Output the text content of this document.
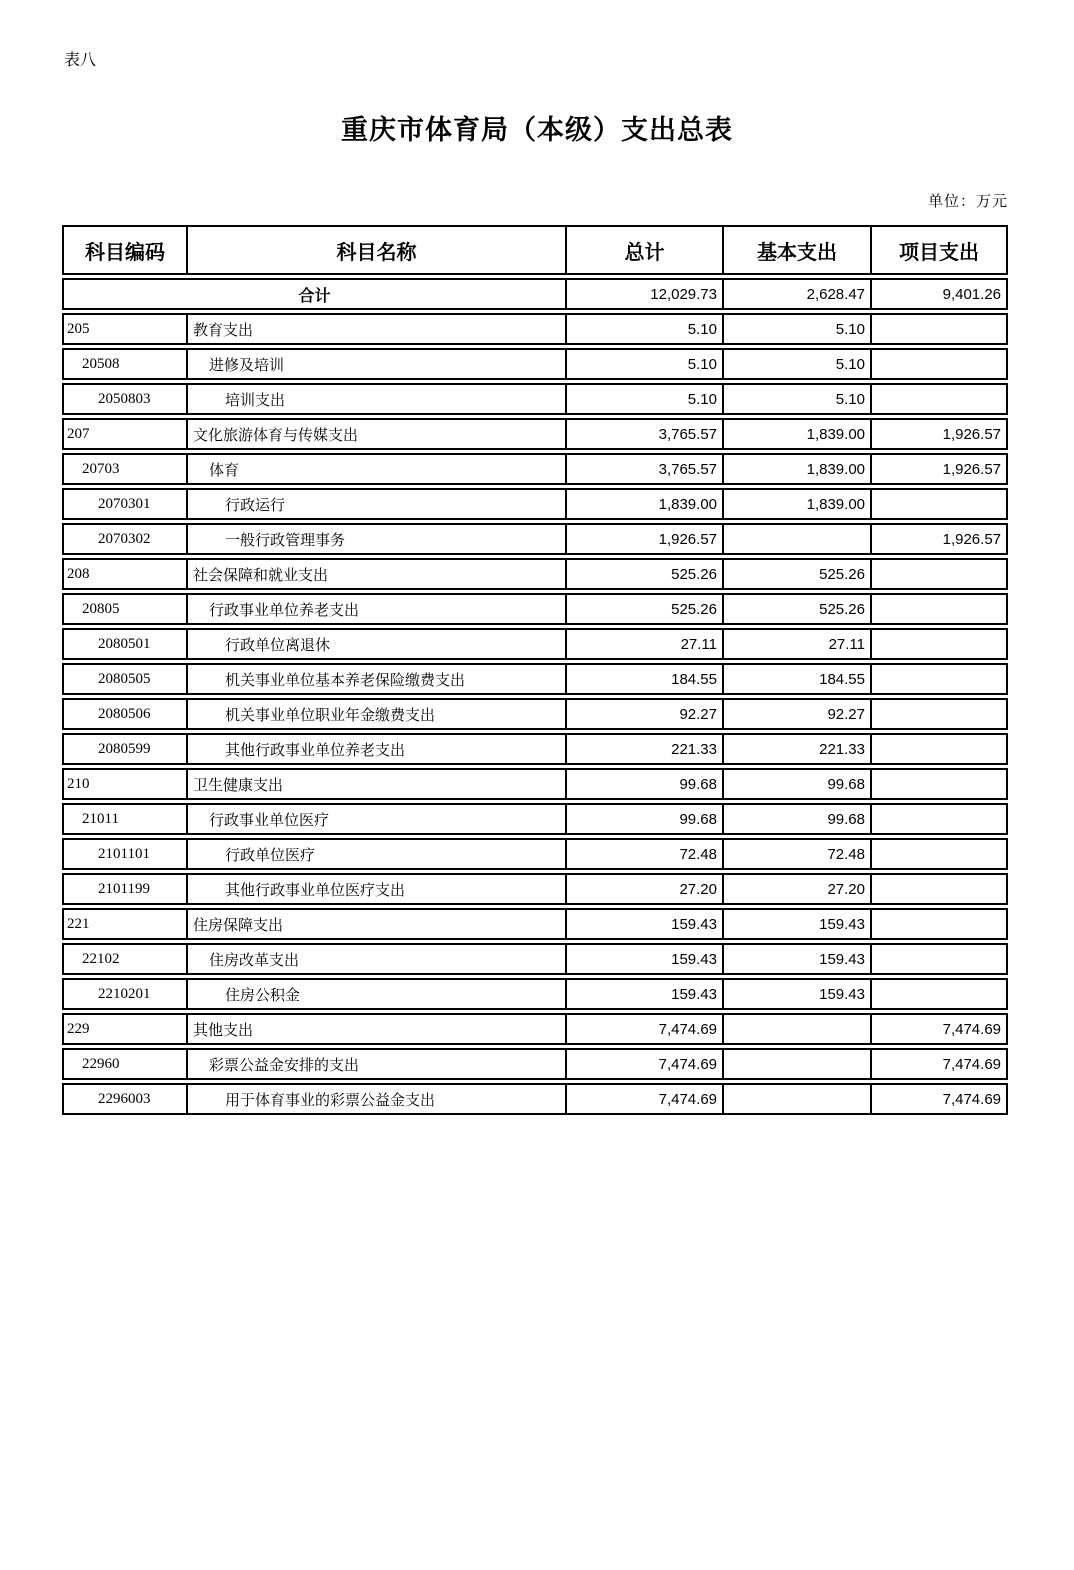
表八
重庆市体育局（本级）支出总表
单位：万元
科目编码	科目名称	总计	基本支出	项目支出
合计		12,029.73	2,628.47	9,401.26
205	教育支出	5.10	5.10	
20508	进修及培训	5.10	5.10	
2050803	培训支出	5.10	5.10	
207	文化旅游体育与传媒支出	3,765.57	1,839.00	1,926.57
20703	体育	3,765.57	1,839.00	1,926.57
2070301	行政运行	1,839.00	1,839.00	
2070302	一般行政管理事务	1,926.57		1,926.57
208	社会保障和就业支出	525.26	525.26	
20805	行政事业单位养老支出	525.26	525.26	
2080501	行政单位离退休	27.11	27.11	
2080505	机关事业单位基本养老保险缴费支出	184.55	184.55	
2080506	机关事业单位职业年金缴费支出	92.27	92.27	
2080599	其他行政事业单位养老支出	221.33	221.33	
210	卫生健康支出	99.68	99.68	
21011	行政事业单位医疗	99.68	99.68	
2101101	行政单位医疗	72.48	72.48	
2101199	其他行政事业单位医疗支出	27.20	27.20	
221	住房保障支出	159.43	159.43	
22102	住房改革支出	159.43	159.43	
2210201	住房公积金	159.43	159.43	
229	其他支出	7,474.69		7,474.69
22960	彩票公益金安排的支出	7,474.69		7,474.69
2296003	用于体育事业的彩票公益金支出	7,474.69		7,474.69
